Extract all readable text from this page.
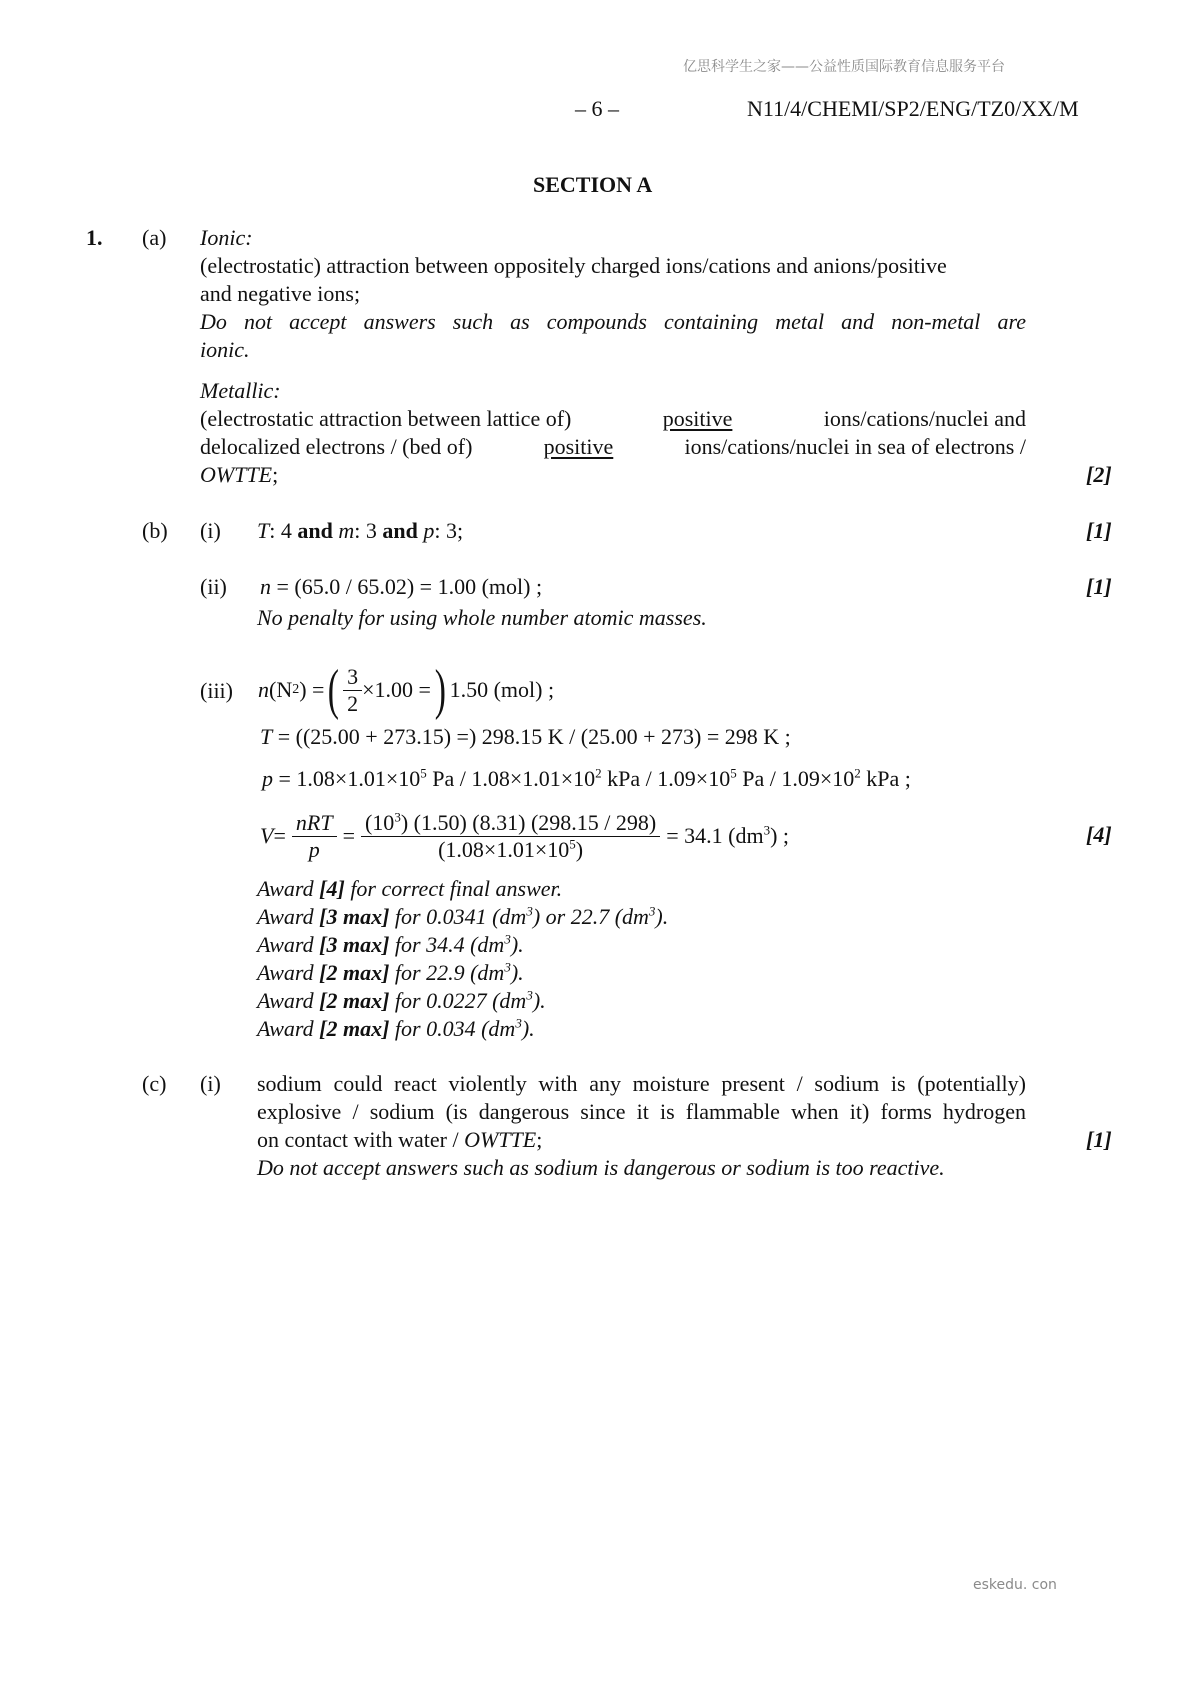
亿思科学生之家——公益性质国际教育信息服务平台
– 6 –	N11/4/CHEMI/SP2/ENG/TZ0/XX/M
SECTION A
1. (a) Ionic:
(electrostatic) attraction between oppositely charged ions/cations and anions/positive
and negative ions;
Do not accept answers such as compounds containing metal and non-metal are
ionic.
Metallic:
(electrostatic attraction between lattice of)	positive	ions/cations/nuclei and
delocalized electrons / (bed of)	positive	ions/cations/nuclei in sea of electrons /
OWTTE;	[2]
(b) (i) T: 4 and m: 3 and p: 3;	[1]
(ii) n = (65.0 / 65.02) = 1.00 (mol) ;	[1]
No penalty for using whole number atomic masses.
(iii) n (N 2 ) = ( $\frac{3}{2} \times 1.00$ = ) 1.50 (mol) ;
T = ((25.00 + 273.15) =) 298.15 K / (25.00 + 273) = 298 K ;
$p = 1.08\times 1.01\times 10^5$ $Pa / 1.08\times 1.01\times 10^2$ kPa / $1.09\times 10^5$ $Pa / 1.09\times 10^2$ kPa ;
$V = \frac{\text{nRT}}{p} = \frac{(10^3) (1.50) (8.31) (298.15 / 298)}{(1.08\times 1.01\times 10^5)} = 34.1$ $(dm^3)$ ;	[4]
Award [4] for correct final answer.
Award [3 max] for 0.0341 $(dm^3)$ or 22.7 $(dm^3)$.
Award [3 max] for 34.4 $(dm^3)$.
Award [2 max] for 22.9 $(dm^3)$.
Award [2 max] for 0.0227 $(dm^3)$.
Award [2 max] for 0.034 $(dm^3)$.
(c) (i) sodium could react violently with any moisture present / sodium is (potentially)
explosive / sodium (is dangerous since it is flammable when it) forms hydrogen
on contact with water / OWTTE;	[1]
Do not accept answers such as sodium is dangerous or sodium is too reactive.
eskedu. con
